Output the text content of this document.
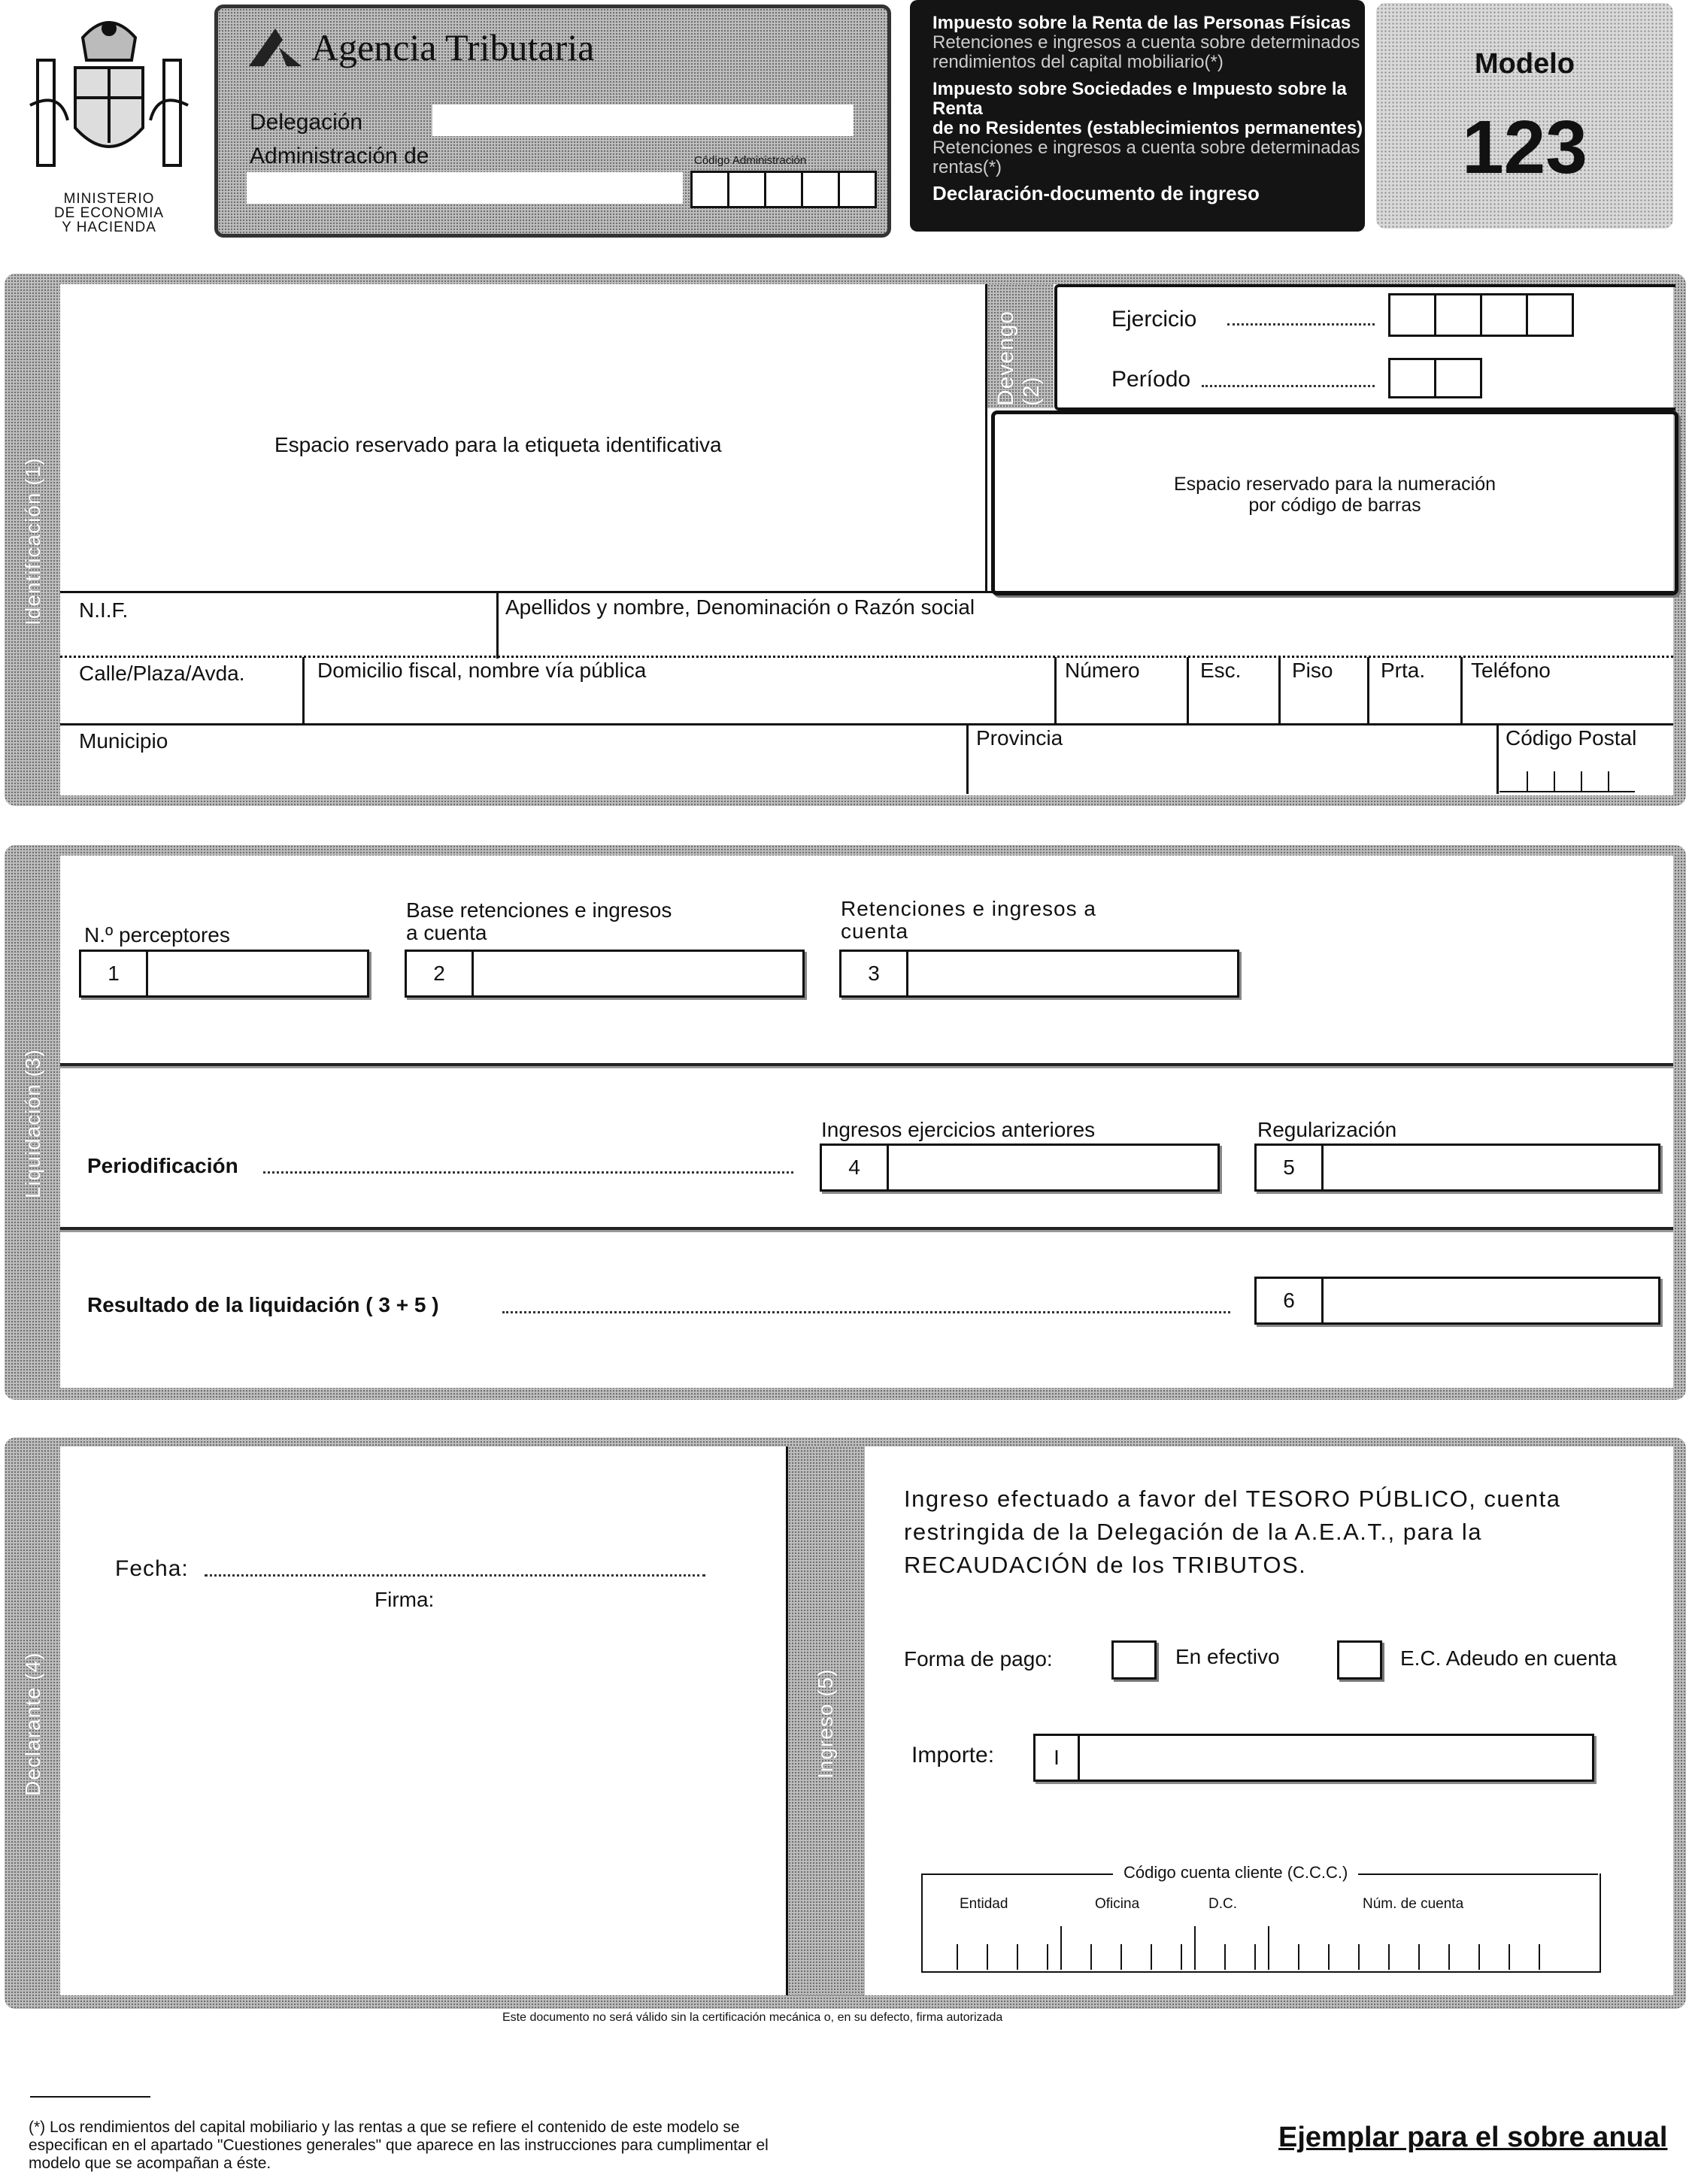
MINISTERIO
DE ECONOMIA
Y HACIENDA
Agencia Tributaria
Delegación
Administración de	Código Administración
Impuesto sobre la Renta de las Personas Físicas
Retenciones e ingresos a cuenta sobre determinados
rendimientos del capital mobiliario(*)
Impuesto sobre Sociedades e Impuesto sobre la Renta
de no Residentes (establecimientos permanentes)
Retenciones e ingresos a cuenta sobre determinadas
rentas(*)
Declaración-documento de ingreso
Modelo
123
Identificación (1)
Espacio reservado para la etiqueta identificativa
Devengo (2)
Ejercicio
Período
Espacio reservado para la numeración
por código de barras
N.I.F.	Apellidos y nombre, Denominación o Razón social
Calle/Plaza/Avda.	Domicilio fiscal, nombre vía pública	Número	Esc. Piso Prta. Teléfono
Municipio	Provincia	Código Postal
Liquidación (3)
N.º perceptores
1
Base retenciones e ingresos
a cuenta
2
Retenciones e ingresos a
cuenta
3
Periodificación
Ingresos ejercicios anteriores
4
Regularización
5
Resultado de la liquidación ( 3 + 5 )	6
Declarante (4)
Fecha:
Firma:
Ingreso (5)
Ingreso efectuado a favor del TESORO PÚBLICO, cuenta
restringida de la Delegación de la A.E.A.T., para la
RECAUDACIÓN de los TRIBUTOS.
Forma de pago:	En efectivo	E.C. Adeudo en cuenta
Importe:	I
Código cuenta cliente (C.C.C.)
Entidad	Oficina	D.C.	Núm. de cuenta
Este documento no será válido sin la certificación mecánica o, en su defecto, firma autorizada
(*) Los rendimientos del capital mobiliario y las rentas a que se refiere el contenido de este modelo se
especifican en el apartado "Cuestiones generales" que aparece en las instrucciones para cumplimentar el
modelo que se acompañan a éste.
Ejemplar para el sobre anual
